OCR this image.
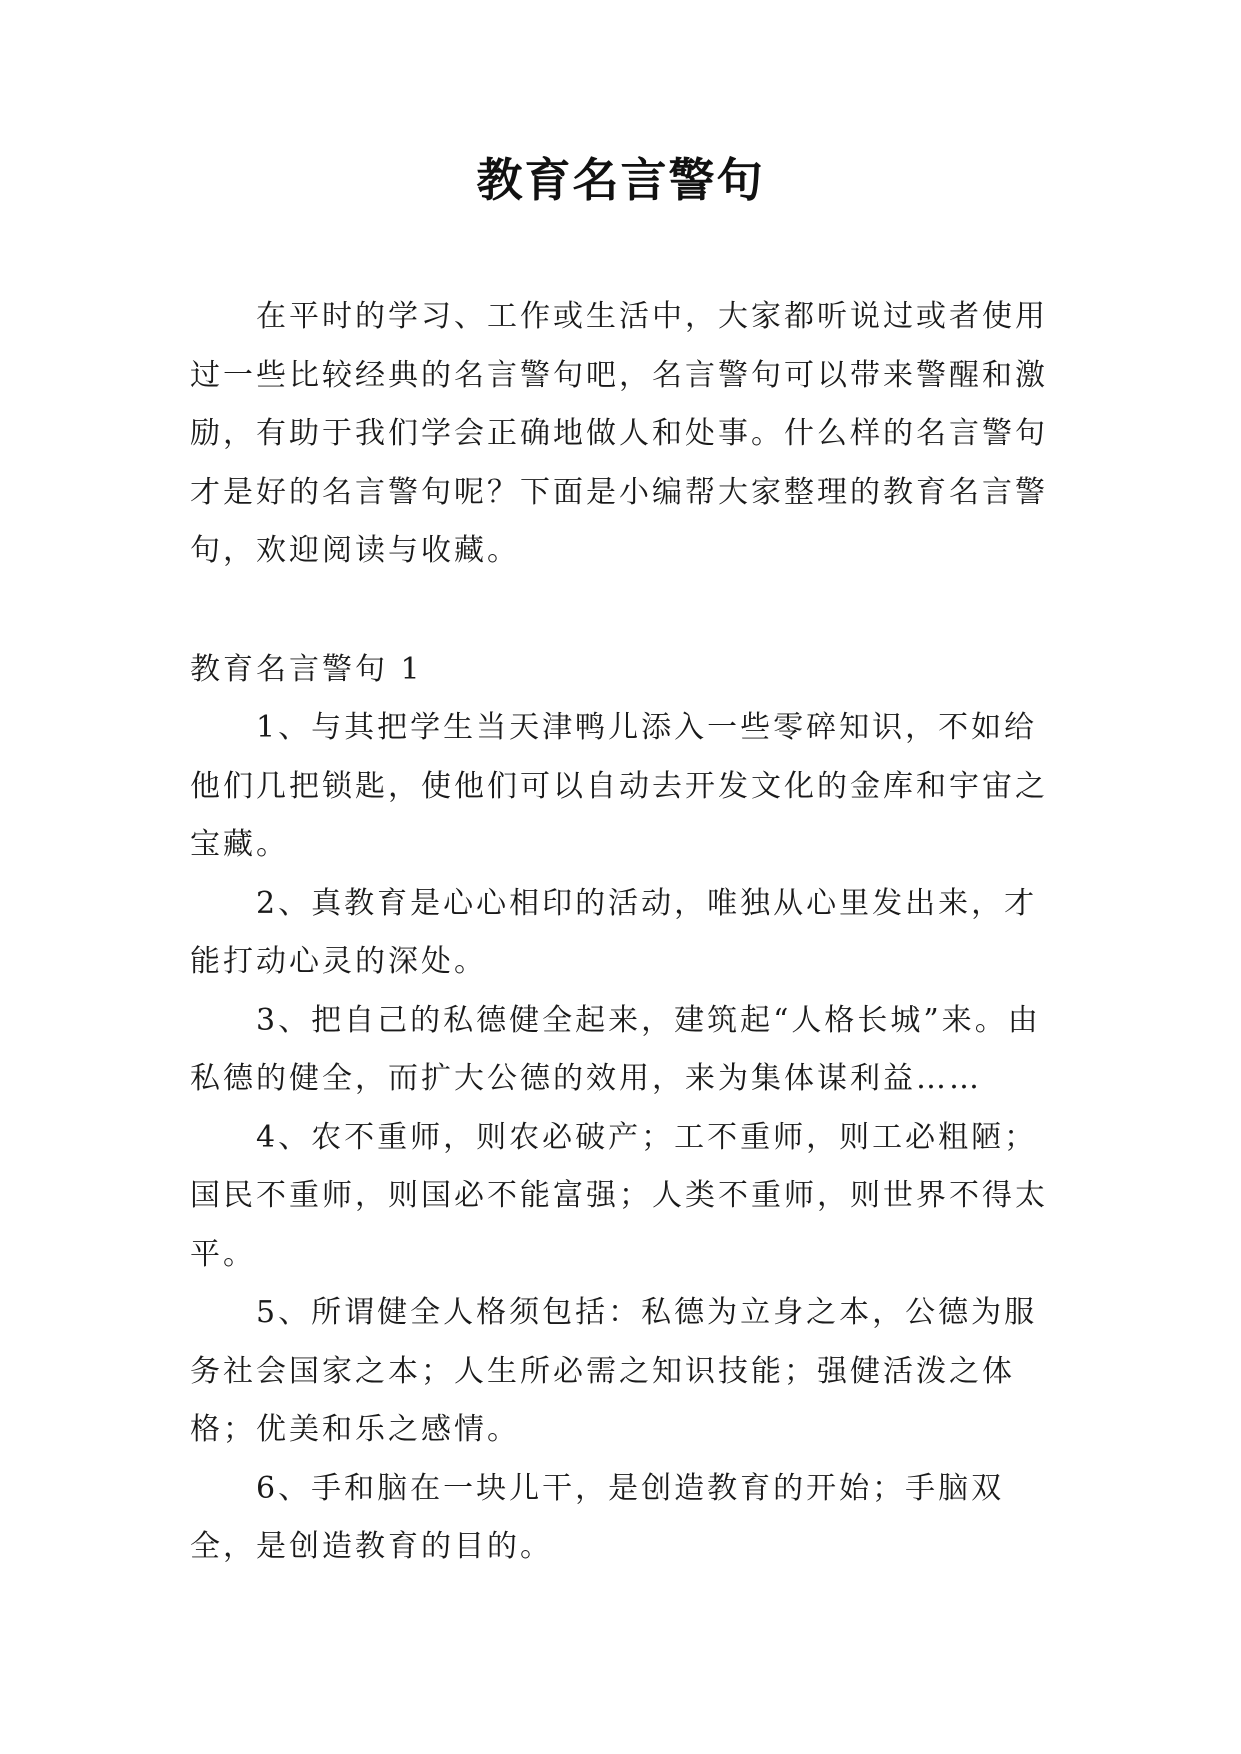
教育名言警句

在平时的学习、工作或生活中，大家都听说过或者使用过一些比较经典的名言警句吧，名言警句可以带来警醒和激励，有助于我们学会正确地做人和处事。什么样的名言警句才是好的名言警句呢？下面是小编帮大家整理的教育名言警句，欢迎阅读与收藏。

教育名言警句 1

1、与其把学生当天津鸭儿添入一些零碎知识，不如给他们几把锁匙，使他们可以自动去开发文化的金库和宇宙之宝藏。

2、真教育是心心相印的活动，唯独从心里发出来，才能打动心灵的深处。

3、把自己的私德健全起来，建筑起“人格长城”来。由私德的健全，而扩大公德的效用，来为集体谋利益……

4、农不重师，则农必破产；工不重师，则工必粗陋；国民不重师，则国必不能富强；人类不重师，则世界不得太平。

5、所谓健全人格须包括：私德为立身之本，公德为服务社会国家之本；人生所必需之知识技能；强健活泼之体格；优美和乐之感情。

6、手和脑在一块儿干，是创造教育的开始；手脑双全，是创造教育的目的。
